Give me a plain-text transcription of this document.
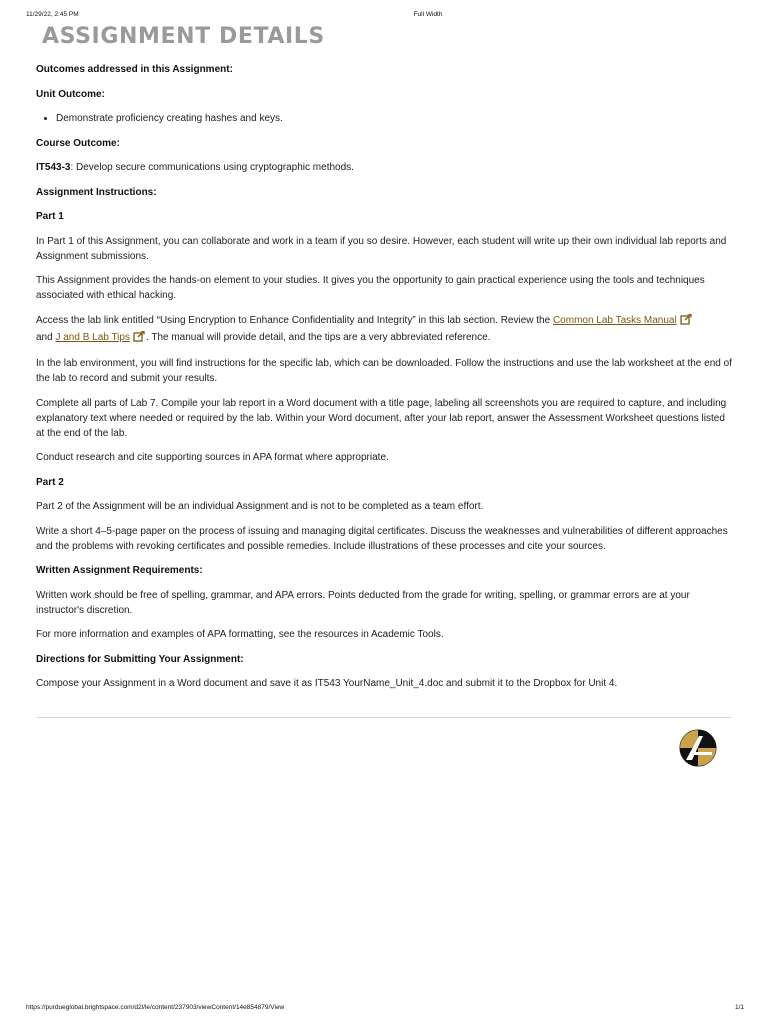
11/29/22, 2:45 PM	Full Width
ASSIGNMENT DETAILS

Outcomes addressed in this Assignment:

Unit Outcome:

• Demonstrate proficiency creating hashes and keys.

Course Outcome:

IT543-3: Develop secure communications using cryptographic methods.

Assignment Instructions:

Part 1

In Part 1 of this Assignment, you can collaborate and work in a team if you so desire. However, each student will write up their own individual lab reports and Assignment submissions.

This Assignment provides the hands-on element to your studies. It gives you the opportunity to gain practical experience using the tools and techniques associated with ethical hacking.

Access the lab link entitled “Using Encryption to Enhance Confidentiality and Integrity” in this lab section. Review the Common Lab Tasks Manual
and J and B Lab Tips . The manual will provide detail, and the tips are a very abbreviated reference.

In the lab environment, you will find instructions for the specific lab, which can be downloaded. Follow the instructions and use the lab worksheet at the end of the lab to record and submit your results.

Complete all parts of Lab 7. Compile your lab report in a Word document with a title page, labeling all screenshots you are required to capture, and including explanatory text where needed or required by the lab. Within your Word document, after your lab report, answer the Assessment Worksheet questions listed at the end of the lab.

Conduct research and cite supporting sources in APA format where appropriate.

Part 2

Part 2 of the Assignment will be an individual Assignment and is not to be completed as a team effort.

Write a short 4–5-page paper on the process of issuing and managing digital certificates. Discuss the weaknesses and vulnerabilities of different approaches and the problems with revoking certificates and possible remedies. Include illustrations of these processes and cite your sources.

Written Assignment Requirements:

Written work should be free of spelling, grammar, and APA errors. Points deducted from the grade for writing, spelling, or grammar errors are at your instructor's discretion.

For more information and examples of APA formatting, see the resources in Academic Tools.

Directions for Submitting Your Assignment:

Compose your Assignment in a Word document and save it as IT543 YourName_Unit_4.doc and submit it to the Dropbox for Unit 4.

https://purdueglobal.brightspace.com/d2l/le/content/237903/viewContent/14e854879/View	1/1
